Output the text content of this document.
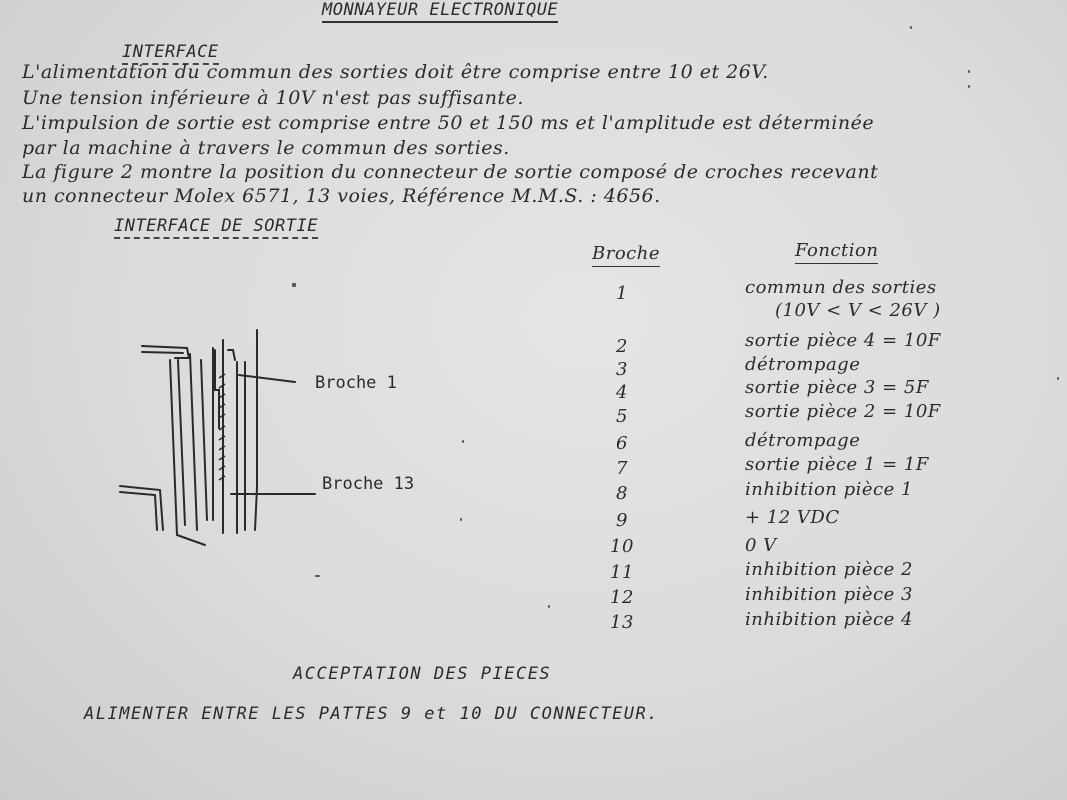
MONNAYEUR ELECTRONIQUE
INTERFACE
L'alimentation du commun des sorties doit être comprise entre 10 et 26V.
Une tension inférieure à 10V n'est pas suffisante.
L'impulsion de sortie est comprise entre 50 et 150 ms et l'amplitude est déterminée
par la machine à travers le commun des sorties.
La figure 2 montre la position du connecteur de sortie composé de croches recevant
un connecteur Molex 6571, 13 voies, Référence M.M.S. : 4656.
INTERFACE DE SORTIE
Broche 1
Broche 13
Broche	Fonction
1	commun des sorties
(10V < V < 26V )
2	sortie pièce 4 = 10F
3	détrompage
4	sortie pièce 3 = 5F
5	sortie pièce 2 = 10F
6	détrompage
7	sortie pièce 1 = 1F
8	inhibition pièce 1
9	+ 12 VDC
10	0 V
11	inhibition pièce 2
12	inhibition pièce 3
13	inhibition pièce 4
ACCEPTATION DES PIECES
ALIMENTER ENTRE LES PATTES 9 et 10 DU CONNECTEUR.
